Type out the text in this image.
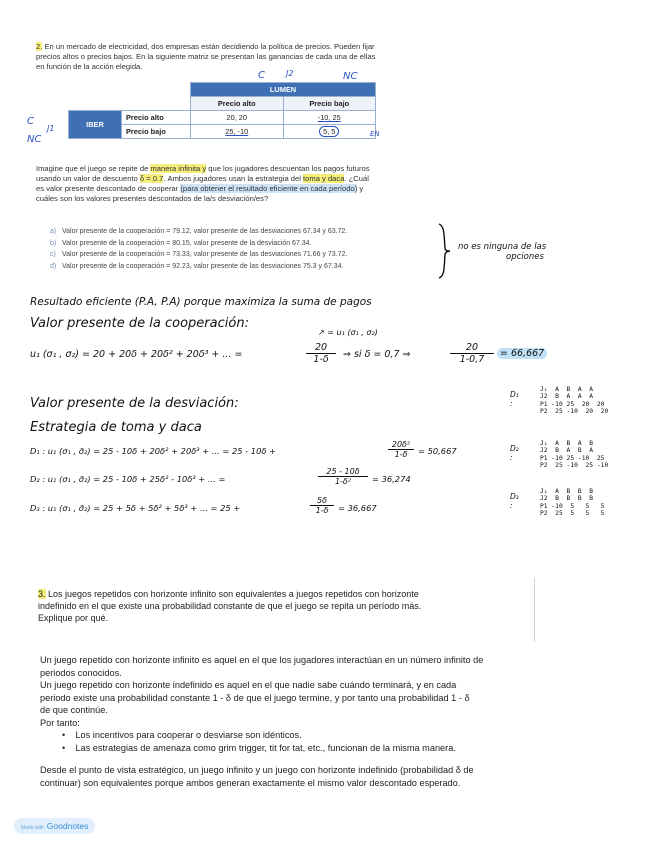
2. En un mercado de electricidad, dos empresas están decidiendo la política de precios. Pueden fijar
precios altos o precios bajos. En la siguiente matriz se presentan las ganancias de cada una de ellas
en función de la acción elegida.
C	J2	NC
C
J1
NC
		LUMEN	
		Precio alto	Precio bajo
IBER	Precio alto	20, 20	-10, 25
	Precio bajo	25, -10	5, 5	EN
Imagine que el juego se repite de manera infinita y que los jugadores descuentan los pagos futuros
usando un valor de descuento δ = 0.7. Ambos jugadores usan la estrategia del toma y daca. ¿Cuál
es valor presente descontado de cooperar (para obtener el resultado eficiente en cada período) y
cuáles son los valores presentes descontados de la/s desviación/es?
a) Valor presente de la cooperación = 79.12, valor presente de las desviaciones 67.34 y 63.72.
b) Valor presente de la cooperación = 80.15, valor presente de la desviación 67.34.
c) Valor presente de la cooperación = 73.33, valor presente de las desviaciones 71.66 y 73.72.
d) Valor presente de la cooperación = 92.23, valor presente de las desviaciones 75.3 y 67.34.
no es ninguna de las
opciones
Resultado eficiente (P.A, P.A) porque maximiza la suma de pagos
Valor presente de la cooperación:
↗ = u₁ (σ₁ , σ₂)
u₁ (σ₁ , σ₂) = 20 + 20δ + 20δ² + 20δ³ + ... =
20
1-δ	⇒ si δ = 0,7 ⇒
20
1-0,7
= 66,667
Valor presente de la desviación:
Estrategia de toma y daca
D₁ : u₁ (σ₁ , σ̃₂) = 25 - 10δ + 20δ² + 20δ³ + ... = 25 - 10δ +
20δ²
1-δ	= 50,667
D₂ : u₁ (σ₁ , σ̃₂) = 25 - 10δ + 25δ² - 10δ³ + ... =
25 - 10δ
1-δ²	= 36,274
D₃ : u₁ (σ₁ , σ̃₂) = 25 + 5δ + 5δ² + 5δ³ + ... = 25 +
5δ
1-δ	= 36,667
D₁ :
J₁  A  B  A  A
J2  B  A  A  A
P1 -10 25  20  20
P2  25 -10  20  20
D₂ :
J₁  A  B  A  B
J2  B  A  B  A
P1 -10 25 -10  25
P2  25 -10  25 -10
D₃ :
J₁  A  B  B  B
J2  B  B  B  B
P1 -10  5   5   5
P2  25  5   5   5
3. Los juegos repetidos con horizonte infinito son equivalentes a juegos repetidos con horizonte
indefinido en el que existe una probabilidad constante de que el juego se repita un período más.
Explique por qué.
Un juego repetido con horizonte infinito es aquel en el que los jugadores interactúan en un número infinito de
periodos conocidos.
Un juego repetido con horizonte indefinido es aquel en el que nadie sabe cuándo terminará, y en cada
periodo existe una probabilidad constante 1 - δ de que el juego termine, y por tanto una probabilidad 1 - δ
de que continúe.
Por tanto:
•    Los incentivos para cooperar o desviarse son idénticos.
•    Las estrategias de amenaza como grim trigger, tit for tat, etc., funcionan de la misma manera.
Desde el punto de vista estratégico, un juego infinito y un juego con horizonte indefinido (probabilidad δ de
continuar) son equivalentes porque ambos generan exactamente el mismo valor descontado esperado.
Made with Goodnotes
